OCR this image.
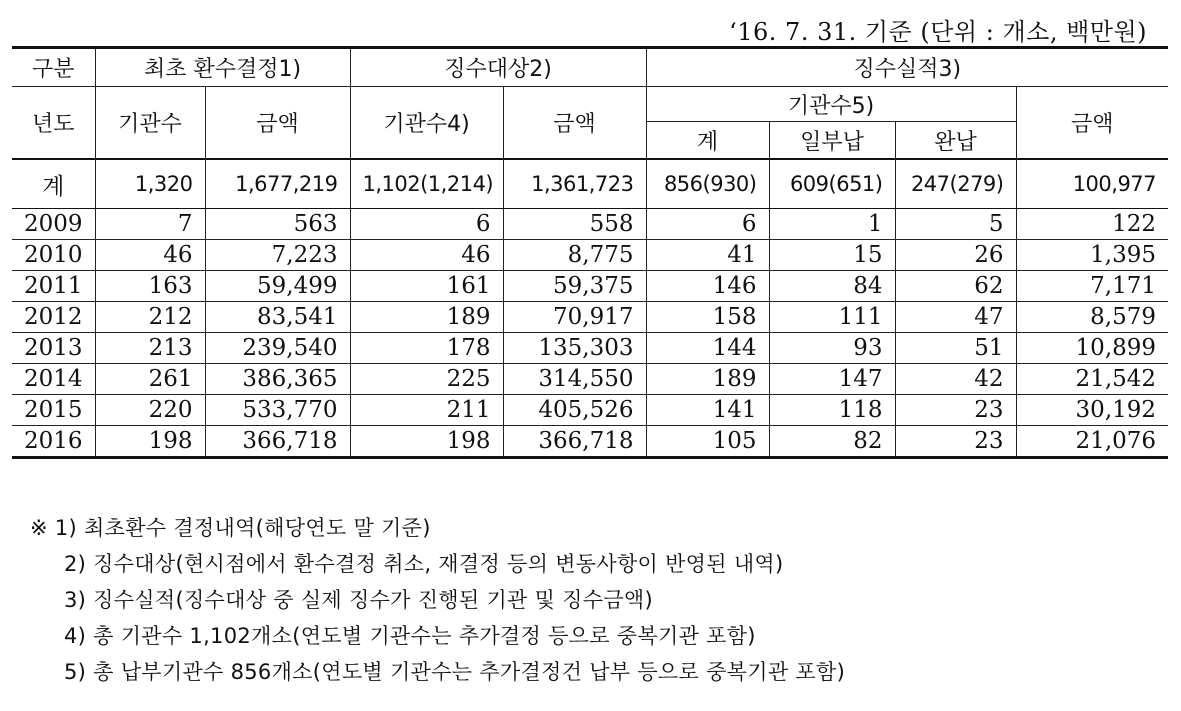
‘16. 7. 31. 기준 (단위 : 개소, 백만원)
구분	최초 환수결정1)		징수대상2)		징수실적3)			
년도	기관수	금액	기관수4)	금액	기관수5)			금액
					계	일부납	완납	
계	1,320	1,677,219	1,102(1,214)	1,361,723	856(930)	609(651)	247(279)	100,977
2009	7	563	6	558	6	1	5	122
2010	46	7,223	46	8,775	41	15	26	1,395
2011	163	59,499	161	59,375	146	84	62	7,171
2012	212	83,541	189	70,917	158	111	47	8,579
2013	213	239,540	178	135,303	144	93	51	10,899
2014	261	386,365	225	314,550	189	147	42	21,542
2015	220	533,770	211	405,526	141	118	23	30,192
2016	198	366,718	198	366,718	105	82	23	21,076
※ 1) 최초환수 결정내역(해당연도 말 기준)
2) 징수대상(현시점에서 환수결정 취소, 재결정 등의 변동사항이 반영된 내역)
3) 징수실적(징수대상 중 실제 징수가 진행된 기관 및 징수금액)
4) 총 기관수 1,102개소(연도별 기관수는 추가결정 등으로 중복기관 포함)
5) 총 납부기관수 856개소(연도별 기관수는 추가결정건 납부 등으로 중복기관 포함)
